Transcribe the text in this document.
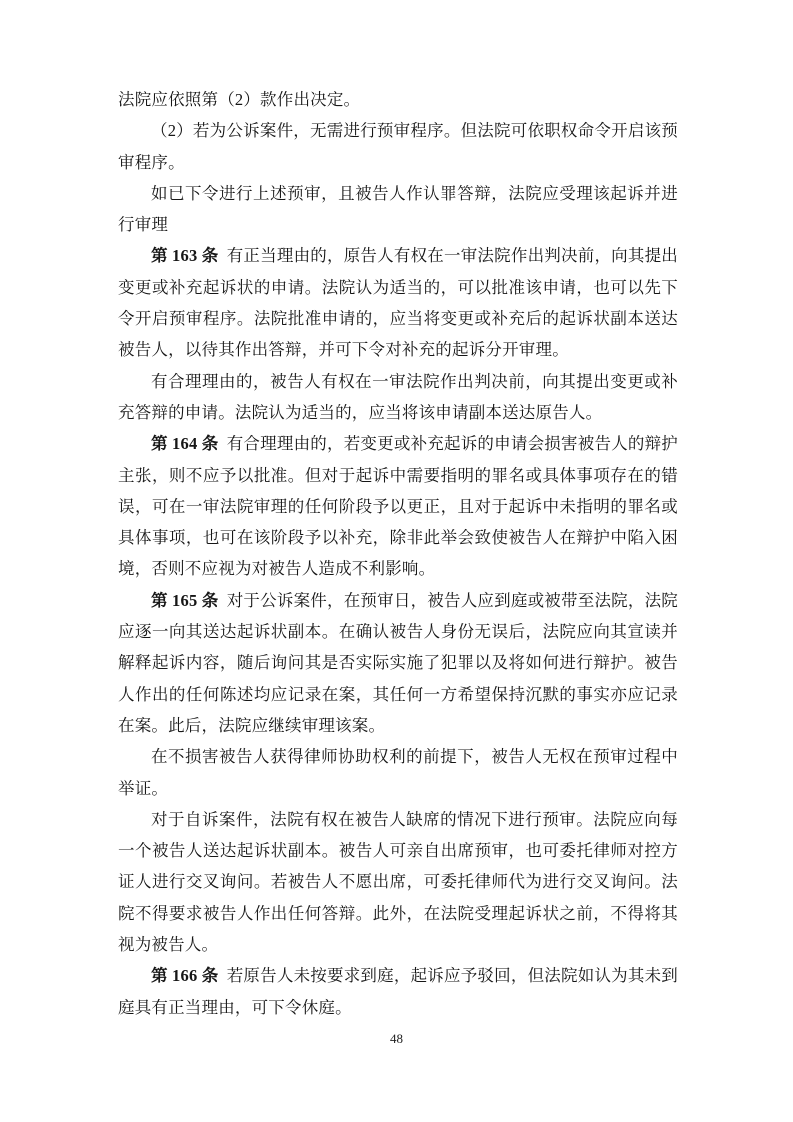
法院应依照第（2）款作出决定。

（2）若为公诉案件，无需进行预审程序。但法院可依职权命令开启该预审程序。

如已下令进行上述预审，且被告人作认罪答辩，法院应受理该起诉并进行审理

第 163 条 有正当理由的，原告人有权在一审法院作出判决前，向其提出变更或补充起诉状的申请。法院认为适当的，可以批准该申请，也可以先下令开启预审程序。法院批准申请的，应当将变更或补充后的起诉状副本送达被告人，以待其作出答辩，并可下令对补充的起诉分开审理。

有合理理由的，被告人有权在一审法院作出判决前，向其提出变更或补充答辩的申请。法院认为适当的，应当将该申请副本送达原告人。

第 164 条 有合理理由的，若变更或补充起诉的申请会损害被告人的辩护主张，则不应予以批准。但对于起诉中需要指明的罪名或具体事项存在的错误，可在一审法院审理的任何阶段予以更正，且对于起诉中未指明的罪名或具体事项，也可在该阶段予以补充，除非此举会致使被告人在辩护中陷入困境，否则不应视为对被告人造成不利影响。

第 165 条 对于公诉案件，在预审日，被告人应到庭或被带至法院，法院应逐一向其送达起诉状副本。在确认被告人身份无误后，法院应向其宣读并解释起诉内容，随后询问其是否实际实施了犯罪以及将如何进行辩护。被告人作出的任何陈述均应记录在案，其任何一方希望保持沉默的事实亦应记录在案。此后，法院应继续审理该案。

在不损害被告人获得律师协助权利的前提下，被告人无权在预审过程中举证。

对于自诉案件，法院有权在被告人缺席的情况下进行预审。法院应向每一个被告人送达起诉状副本。被告人可亲自出席预审，也可委托律师对控方证人进行交叉询问。若被告人不愿出席，可委托律师代为进行交叉询问。法院不得要求被告人作出任何答辩。此外，在法院受理起诉状之前，不得将其视为被告人。

第 166 条 若原告人未按要求到庭，起诉应予驳回，但法院如认为其未到庭具有正当理由，可下令休庭。

48
